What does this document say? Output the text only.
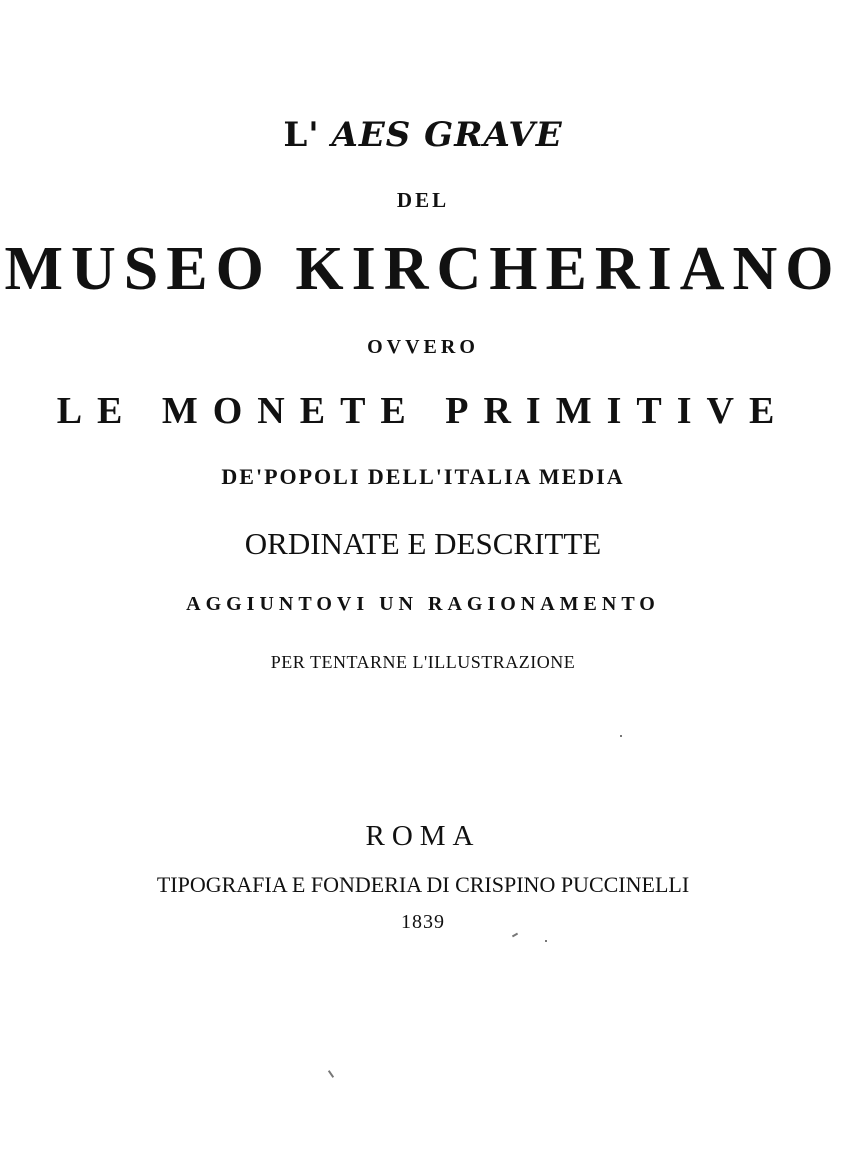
L' AES GRAVE
DEL
MUSEO KIRCHERIANO
OVVERO
LE MONETE PRIMITIVE
DE'POPOLI DELL'ITALIA MEDIA
ORDINATE E DESCRITTE
AGGIUNTOVI UN RAGIONAMENTO
PER TENTARNE L'ILLUSTRAZIONE
ROMA
TIPOGRAFIA E FONDERIA DI CRISPINO PUCCINELLI
1839
